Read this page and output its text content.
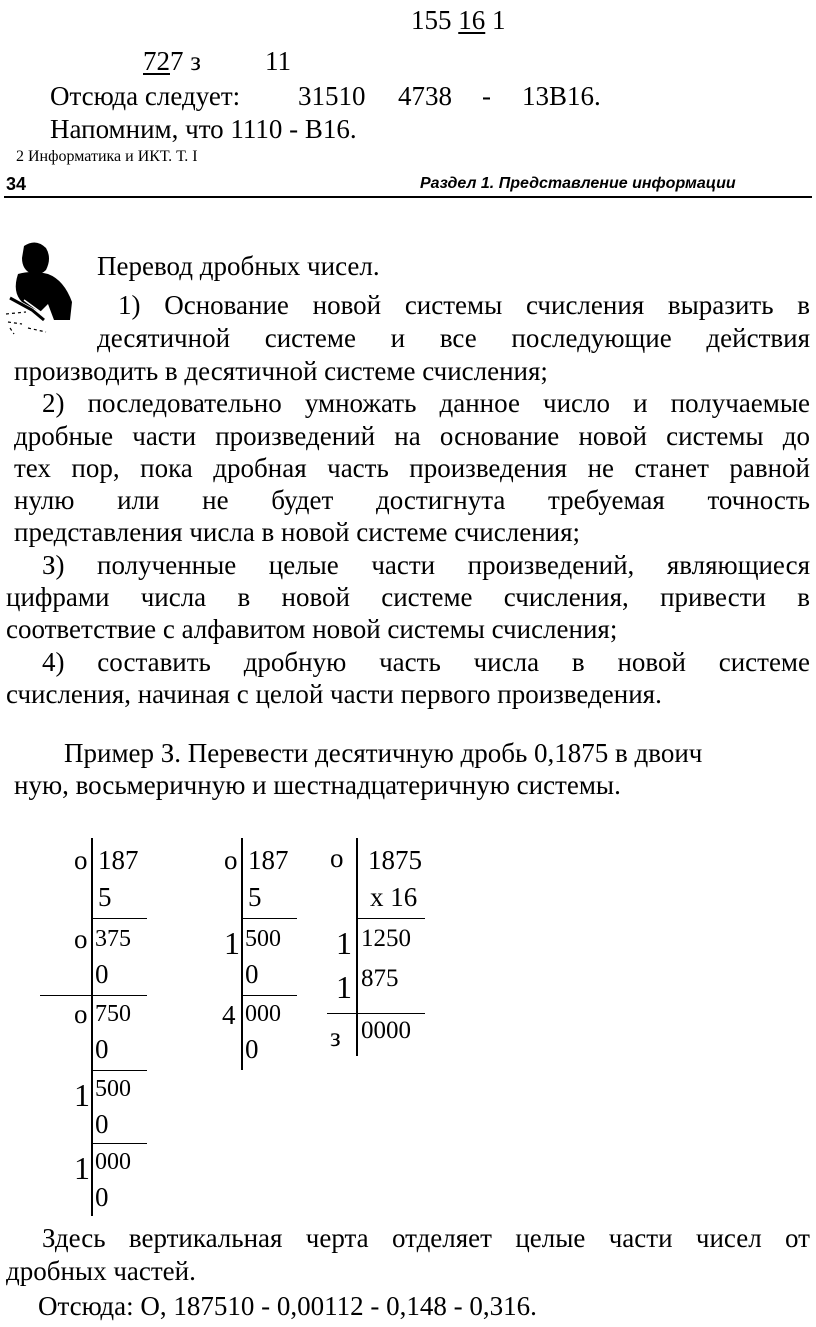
155 16 1
727 з 11
Отсюда следует: 31510 4738 - 13B16.
Напомним, что 1110 - B16.
2 Информатика и ИКТ. Т. I
34	Раздел 1. Представление информации
Перевод дробных чисел.
1) Основание новой системы счисления выразить в
десятичной системе и все последующие действия
производить в десятичной системе счисления;
2) последовательно умножать данное число и получаемые
дробные части произведений на основание новой системы до
тех пор, пока дробная часть произведения не станет равной
нулю или не будет достигнута требуемая точность
представления числа в новой системе счисления;
З) полученные целые части произведений, являющиеся
цифрами числа в новой системе счисления, привести в
соответствие с алфавитом новой системы счисления;
4) составить дробную часть числа в новой системе
счисления, начиная с целой части первого произведения.
Пример З. Перевести десятичную дробь 0,1875 в двоич
ную, восьмеричную и шестнадцатеричную системы.
о 187
5
о 375
0
о 750
0
1 500
0
1 000
0
о 187
5
1 500
0
4 000
0
о 1875
x 16
1 1250
1 875
з 0000
Здесь вертикальная черта отделяет целые части чисел от
дробных частей.
Отсюда: О, 187510 - 0,00112 - 0,148 - 0,316.
